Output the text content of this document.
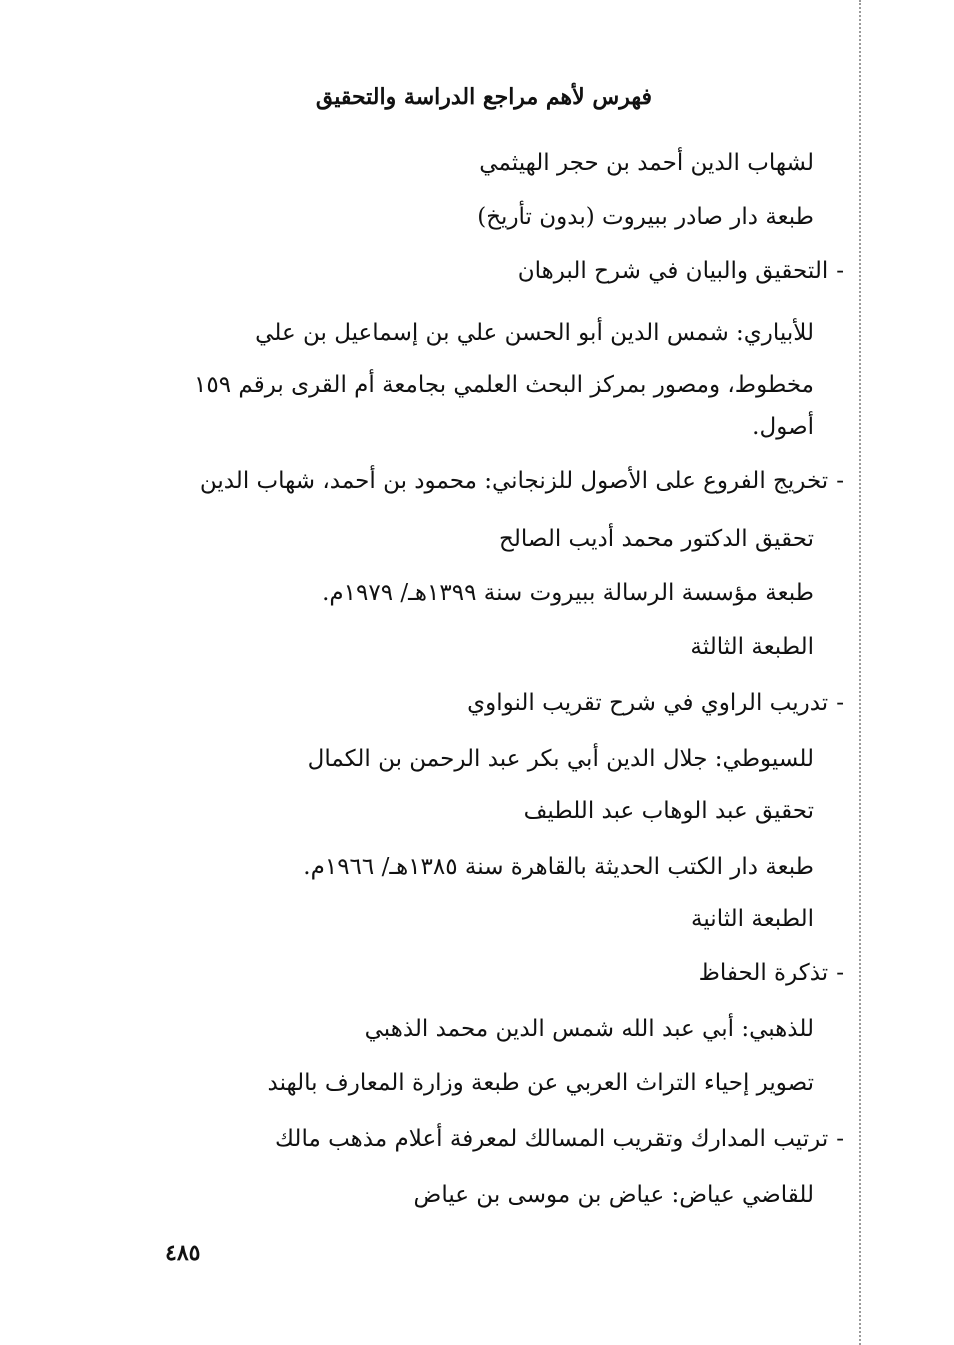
فهرس لأهم مراجع الدراسة والتحقيق

لشهاب الدين أحمد بن حجر الهيثمي

طبعة دار صادر ببيروت (بدون تأريخ)

-التحقيق والبيان في شرح البرهان

للأبياري: شمس الدين أبو الحسن علي بن إسماعيل بن علي

مخطوط، ومصور بمركز البحث العلمي بجامعة أم القرى برقم ١٥٩

أصول.

-تخريج الفروع على الأصول للزنجاني: محمود بن أحمد، شهاب الدين

تحقيق الدكتور محمد أديب الصالح

طبعة مؤسسة الرسالة ببيروت سنة ١٣٩٩هـ/ ١٩٧٩م.

الطبعة الثالثة

-تدريب الراوي في شرح تقريب النواوي

للسيوطي: جلال الدين أبي بكر عبد الرحمن بن الكمال

تحقيق عبد الوهاب عبد اللطيف

طبعة دار الكتب الحديثة بالقاهرة سنة ١٣٨٥هـ/ ١٩٦٦م.

الطبعة الثانية

-تذكرة الحفاظ

للذهبي: أبي عبد الله شمس الدين محمد الذهبي

تصوير إحياء التراث العربي عن طبعة وزارة المعارف بالهند

-ترتيب المدارك وتقريب المسالك لمعرفة أعلام مذهب مالك

للقاضي عياض: عياض بن موسى بن عياض

٤٨٥
